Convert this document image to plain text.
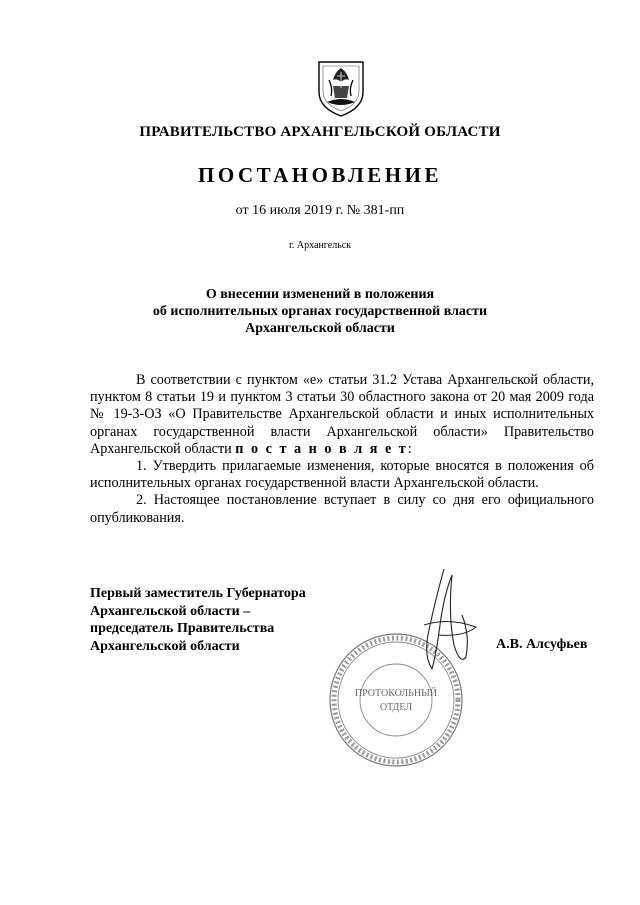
ПРАВИТЕЛЬСТВО АРХАНГЕЛЬСКОЙ ОБЛАСТИ
ПОСТАНОВЛЕНИЕ
от 16 июля 2019 г. № 381-пп
г. Архангельск
О внесении изменений в положения
об исполнительных органах государственной власти
Архангельской области

В соответствии с пунктом «е» статьи 31.2 Устава Архангельской области, пунктом 8 статьи 19 и пунктом 3 статьи 30 областного закона от 20 мая 2009 года № 19-3-ОЗ «О Правительстве Архангельской области и иных исполнительных органах государственной власти Архангельской области» Правительство Архангельской области п о с т а н о в л я е т:

1. Утвердить прилагаемые изменения, которые вносятся в положения об исполнительных органах государственной власти Архангельской области.

2. Настоящее постановление вступает в силу со дня его официального опубликования.

Первый заместитель Губернатора
Архангельской области –
председатель Правительства
Архангельской области
ПРОТОКОЛЬНЫЙ
ОТДЕЛ
А.В. Алсуфьев
